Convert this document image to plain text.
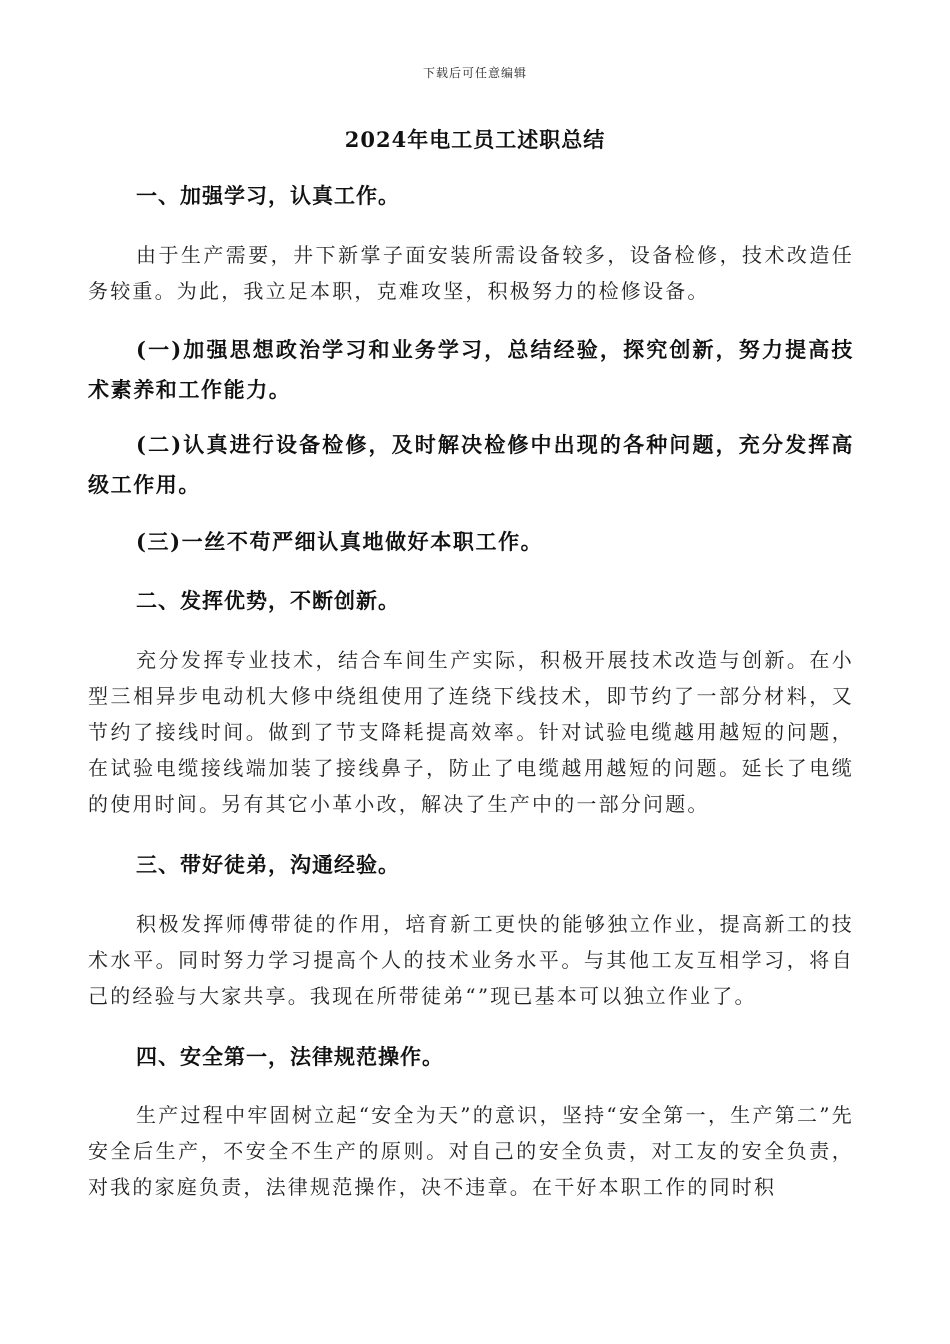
下载后可任意编辑
2024年电工员工述职总结
一、加强学习，认真工作。
由于生产需要，井下新掌子面安装所需设备较多，设备检修，技术改造任务较重。为此，我立足本职，克难攻坚，积极努力的检修设备。
(一)加强思想政治学习和业务学习，总结经验，探究创新，努力提高技术素养和工作能力。
(二)认真进行设备检修，及时解决检修中出现的各种问题，充分发挥高级工作用。
(三)一丝不苟严细认真地做好本职工作。
二、发挥优势，不断创新。
充分发挥专业技术，结合车间生产实际，积极开展技术改造与创新。在小型三相异步电动机大修中绕组使用了连绕下线技术，即节约了一部分材料，又节约了接线时间。做到了节支降耗提高效率。针对试验电缆越用越短的问题，在试验电缆接线端加装了接线鼻子，防止了电缆越用越短的问题。延长了电缆的使用时间。另有其它小革小改，解决了生产中的一部分问题。
三、带好徒弟，沟通经验。
积极发挥师傅带徒的作用，培育新工更快的能够独立作业，提高新工的技术水平。同时努力学习提高个人的技术业务水平。与其他工友互相学习，将自己的经验与大家共享。我现在所带徒弟“”现已基本可以独立作业了。
四、安全第一，法律规范操作。
生产过程中牢固树立起“安全为天”的意识，坚持“安全第一，生产第二”先安全后生产，不安全不生产的原则。对自己的安全负责，对工友的安全负责，对我的家庭负责，法律规范操作，决不违章。在干好本职工作的同时积
